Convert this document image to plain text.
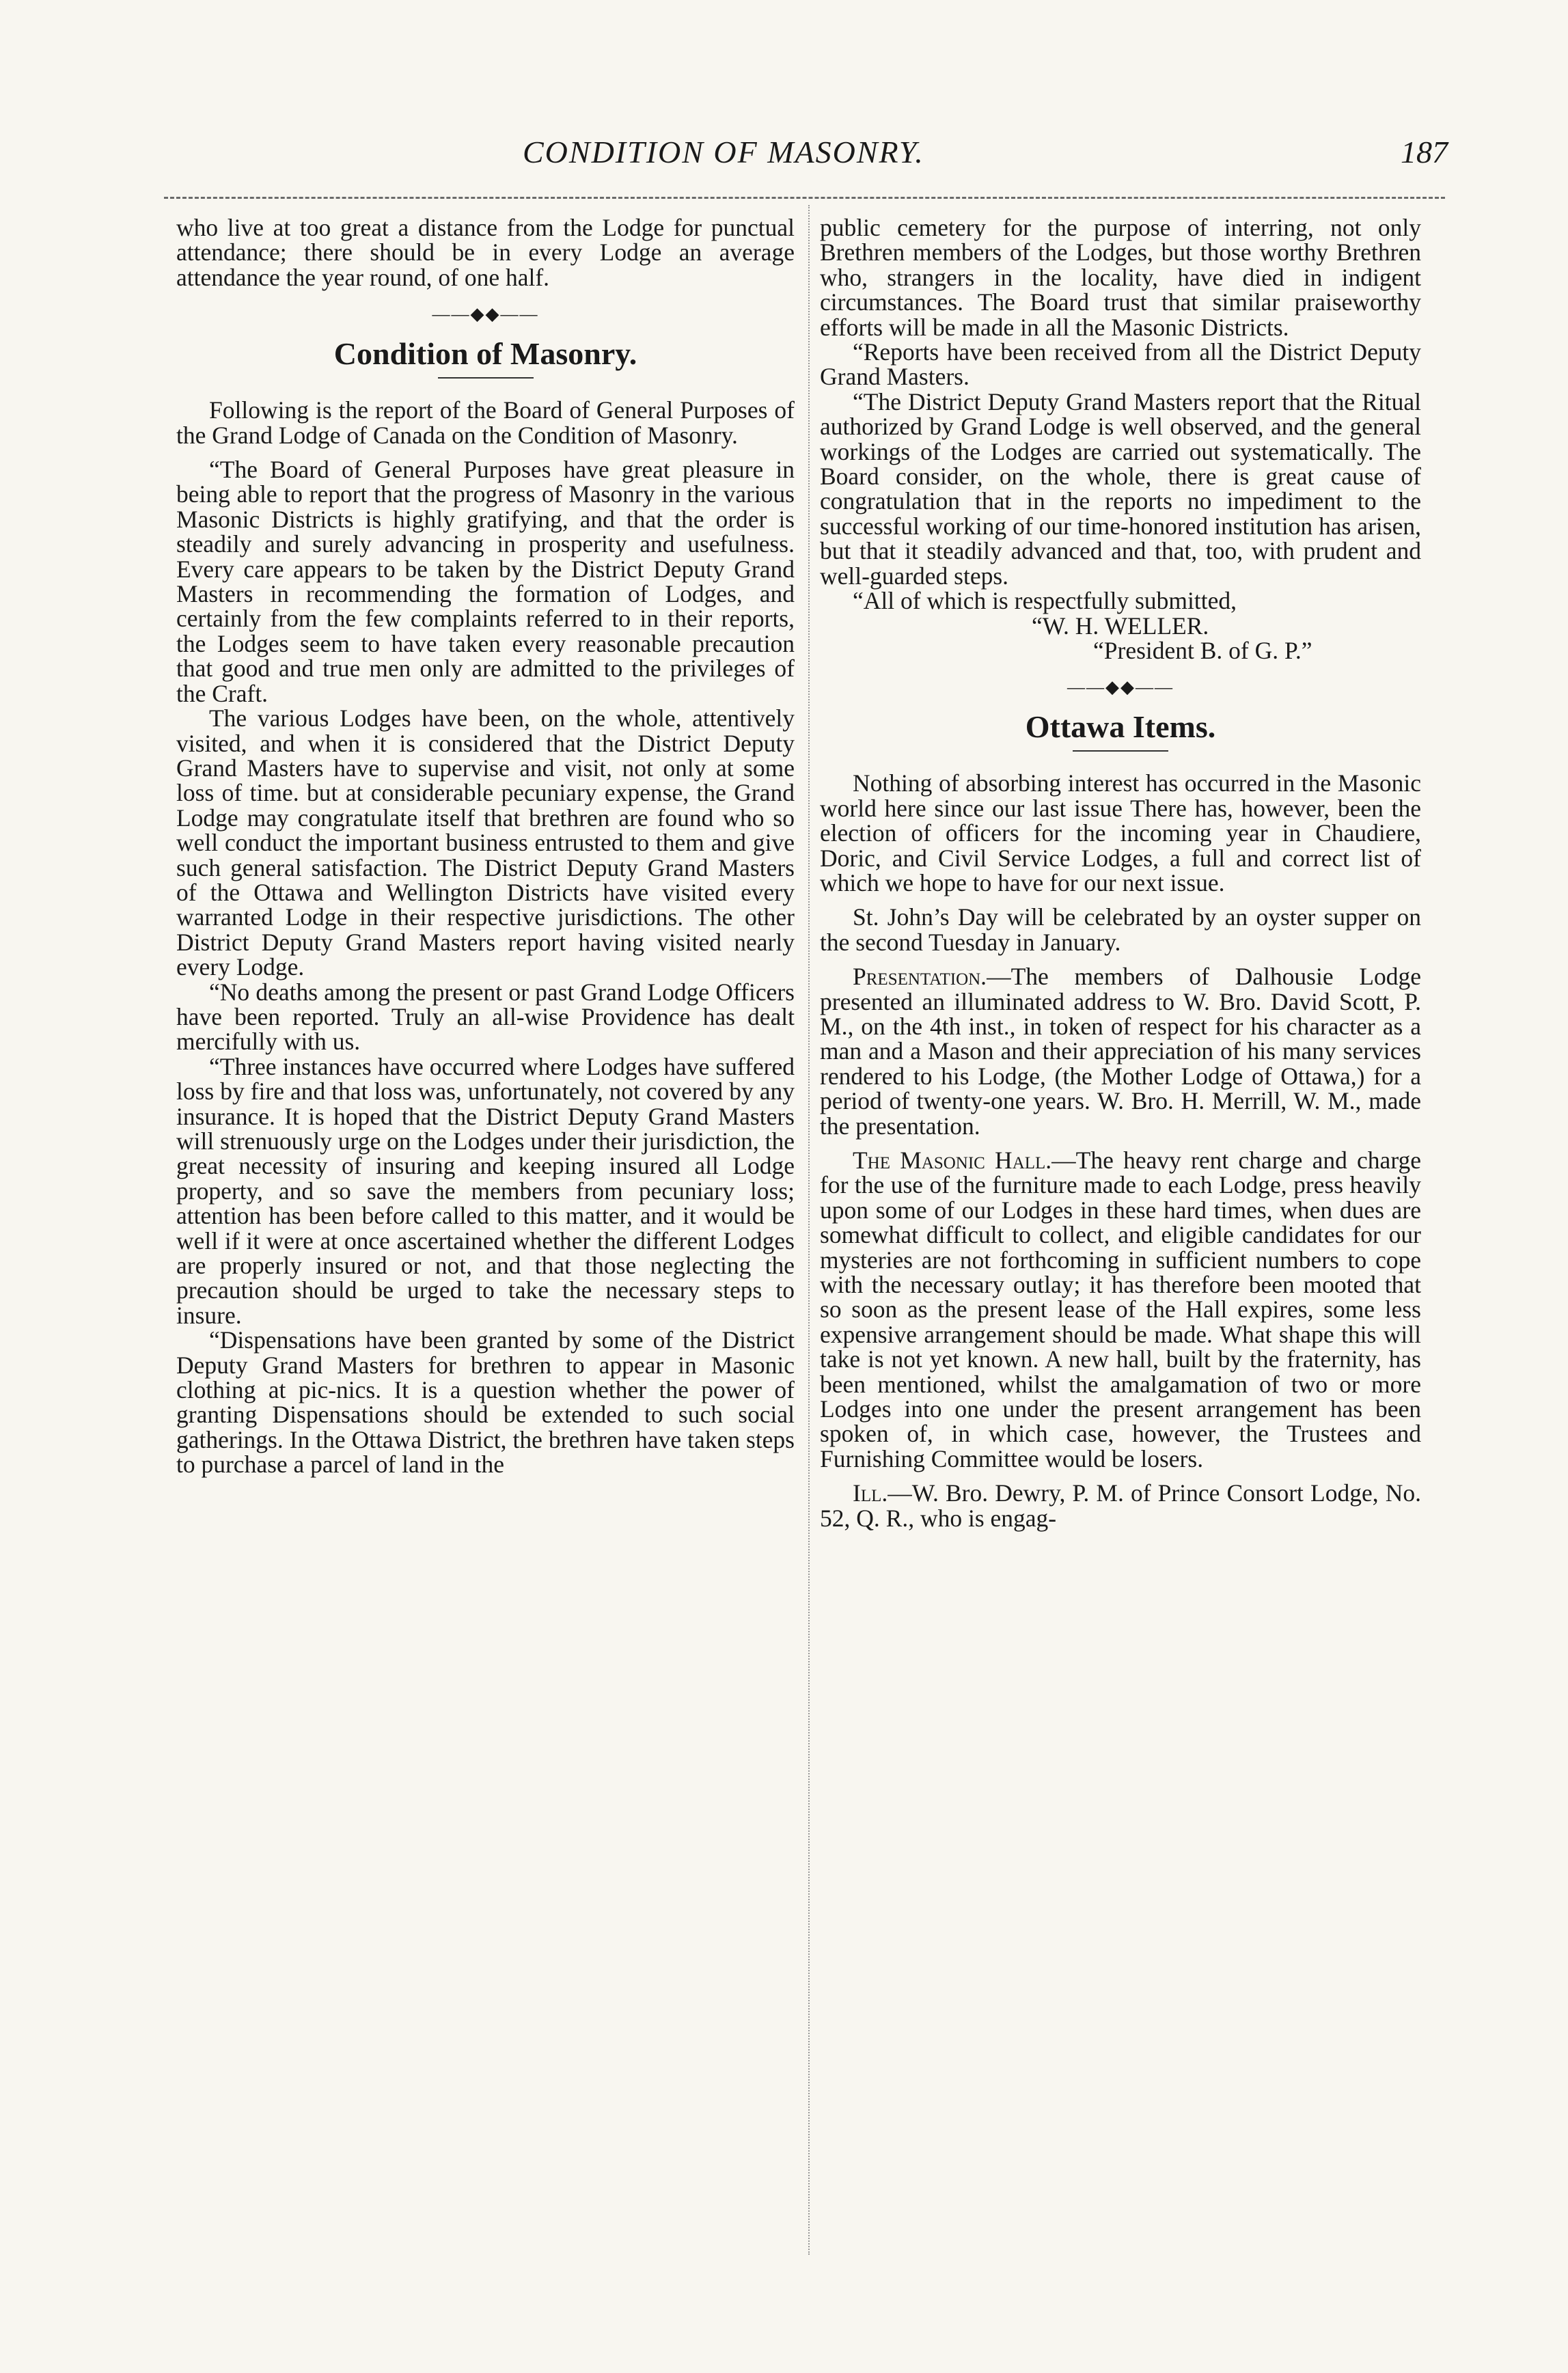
CONDITION OF MASONRY.	187

who live at too great a distance from the Lodge for punctual attendance; there should be in every Lodge an average attendance the year round, of one half.

——◆◆——
Condition of Masonry.

Following is the report of the Board of General Purposes of the Grand Lodge of Canada on the Condition of Masonry.

“The Board of General Purposes have great pleasure in being able to report that the progress of Masonry in the various Masonic Districts is highly gratifying, and that the order is steadily and surely advancing in prosperity and usefulness. Every care appears to be taken by the District Deputy Grand Masters in recommending the formation of Lodges, and certainly from the few complaints referred to in their reports, the Lodges seem to have taken every reasonable precaution that good and true men only are admitted to the privileges of the Craft.

The various Lodges have been, on the whole, attentively visited, and when it is considered that the District Deputy Grand Masters have to supervise and visit, not only at some loss of time. but at considerable pecuniary expense, the Grand Lodge may congratulate itself that brethren are found who so well conduct the important business entrusted to them and give such general satisfaction. The District Deputy Grand Masters of the Ottawa and Wellington Districts have visited every warranted Lodge in their respective jurisdictions. The other District Deputy Grand Masters report having visited nearly every Lodge.

“No deaths among the present or past Grand Lodge Officers have been reported. Truly an all-wise Providence has dealt mercifully with us.

“Three instances have occurred where Lodges have suffered loss by fire and that loss was, unfortunately, not covered by any insurance. It is hoped that the District Deputy Grand Masters will strenuously urge on the Lodges under their jurisdiction, the great necessity of insuring and keeping insured all Lodge property, and so save the members from pecuniary loss; attention has been before called to this matter, and it would be well if it were at once ascertained whether the different Lodges are properly insured or not, and that those neglecting the precaution should be urged to take the necessary steps to insure.

“Dispensations have been granted by some of the District Deputy Grand Masters for brethren to appear in Masonic clothing at pic-nics. It is a question whether the power of granting Dispensations should be extended to such social gatherings. In the Ottawa District, the brethren have taken steps to purchase a parcel of land in the

public cemetery for the purpose of interring, not only Brethren members of the Lodges, but those worthy Brethren who, strangers in the locality, have died in indigent circumstances. The Board trust that similar praiseworthy efforts will be made in all the Masonic Districts.

“Reports have been received from all the District Deputy Grand Masters.

“The District Deputy Grand Masters report that the Ritual authorized by Grand Lodge is well observed, and the general workings of the Lodges are carried out systematically. The Board consider, on the whole, there is great cause of congratulation that in the reports no impediment to the successful working of our time-honored institution has arisen, but that it steadily advanced and that, too, with prudent and well-guarded steps.

“All of which is respectfully submitted,

“W. H. WELLER.

“President B. of G. P.”

——◆◆——
Ottawa Items.

Nothing of absorbing interest has occurred in the Masonic world here since our last issue There has, however, been the election of officers for the incoming year in Chaudiere, Doric, and Civil Service Lodges, a full and correct list of which we hope to have for our next issue.

St. John’s Day will be celebrated by an oyster supper on the second Tuesday in January.

Presentation.—The members of Dalhousie Lodge presented an illuminated address to W. Bro. David Scott, P. M., on the 4th inst., in token of respect for his character as a man and a Mason and their appreciation of his many services rendered to his Lodge, (the Mother Lodge of Ottawa,) for a period of twenty-one years. W. Bro. H. Merrill, W. M., made the presentation.

The Masonic Hall.—The heavy rent charge and charge for the use of the furniture made to each Lodge, press heavily upon some of our Lodges in these hard times, when dues are somewhat difficult to collect, and eligible candidates for our mysteries are not forthcoming in sufficient numbers to cope with the necessary outlay; it has therefore been mooted that so soon as the present lease of the Hall expires, some less expensive arrangement should be made. What shape this will take is not yet known. A new hall, built by the fraternity, has been mentioned, whilst the amalgamation of two or more Lodges into one under the present arrangement has been spoken of, in which case, however, the Trustees and Furnishing Committee would be losers.

Ill.—W. Bro. Dewry, P. M. of Prince Consort Lodge, No. 52, Q. R., who is engag-
